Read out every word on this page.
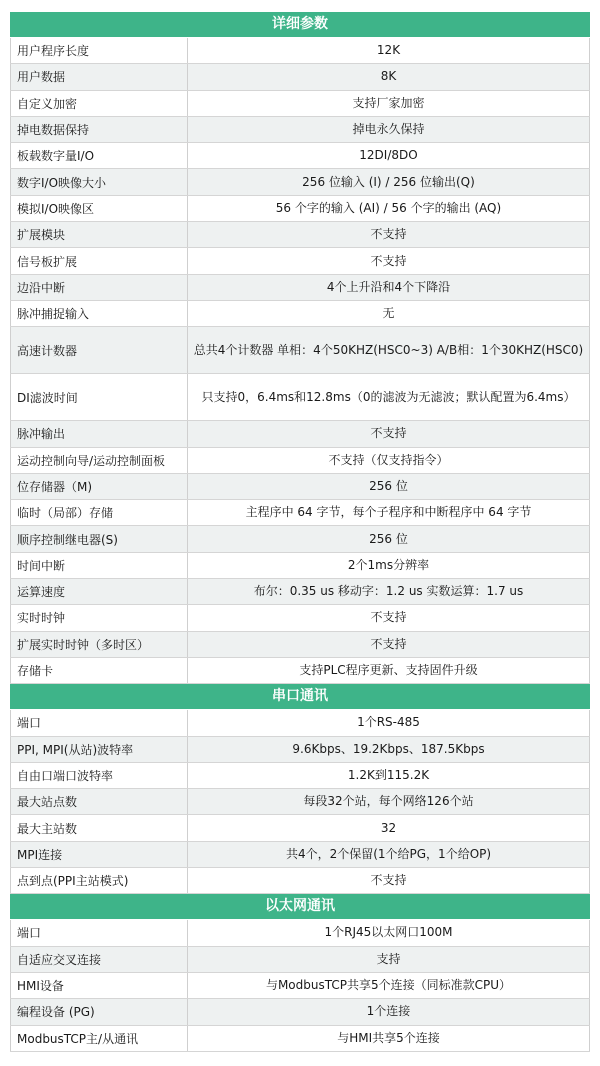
详细参数
用户程序长度	12K
用户数据	8K
自定义加密	支持厂家加密
掉电数据保持	掉电永久保持
板载数字量I/O	12DI/8DO
数字I/O映像大小	256 位输入 (I) / 256 位输出(Q)
模拟I/O映像区	56 个字的输入 (AI) / 56 个字的输出 (AQ)
扩展模块	不支持
信号板扩展	不支持
边沿中断	4个上升沿和4个下降沿
脉冲捕捉输入	无
高速计数器	总共4个计数器 单相：4个50KHZ(HSC0~3) A/B相：1个30KHZ(HSC0)
DI滤波时间	只支持0，6.4ms和12.8ms（0的滤波为无滤波；默认配置为6.4ms）
脉冲输出	不支持
运动控制向导/运动控制面板	不支持（仅支持指令）
位存储器（M)	256 位
临时（局部）存储	主程序中 64 字节，每个子程序和中断程序中 64 字节
顺序控制继电器(S)	256 位
时间中断	2个1ms分辨率
运算速度	布尔：0.35 us 移动字：1.2 us 实数运算：1.7 us
实时时钟	不支持
扩展实时时钟（多时区）	不支持
存储卡	支持PLC程序更新、支持固件升级
串口通讯
端口	1个RS-485
PPI, MPI(从站)波特率	9.6Kbps、19.2Kbps、187.5Kbps
自由口端口波特率	1.2K到115.2K
最大站点数	每段32个站，每个网络126个站
最大主站数	32
MPI连接	共4个，2个保留(1个给PG，1个给OP)
点到点(PPI主站模式)	不支持
以太网通讯
端口	1个RJ45以太网口100M
自适应交叉连接	支持
HMI设备	与ModbusTCP共享5个连接（同标准款CPU）
编程设备 (PG)	1个连接
ModbusTCP主/从通讯	与HMI共享5个连接
